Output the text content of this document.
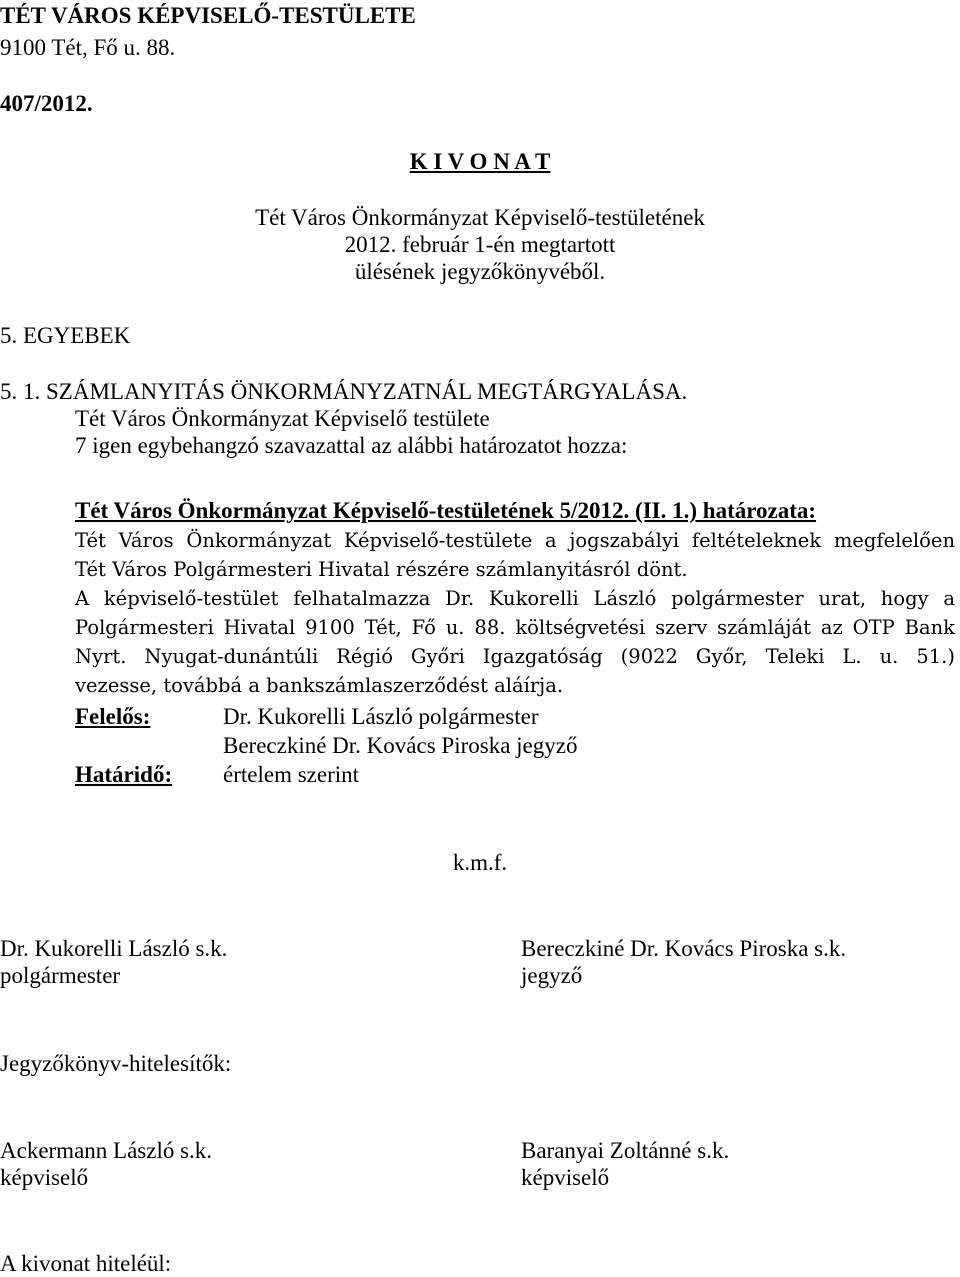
TÉT VÁROS KÉPVISELŐ-TESTÜLETE
9100 Tét, Fő u. 88.
407/2012.
K I V O N A T
Tét Város Önkormányzat Képviselő-testületének
2012. február 1-én megtartott
ülésének jegyzőkönyvéből.
5. EGYEBEK
5. 1. SZÁMLANYITÁS ÖNKORMÁNYZATNÁL MEGTÁRGYALÁSA.
Tét Város Önkormányzat Képviselő testülete
7 igen egybehangzó szavazattal az alábbi határozatot hozza:
Tét Város Önkormányzat Képviselő-testületének 5/2012. (II. 1.) határozata:
Tét Város Önkormányzat Képviselő-testülete a jogszabályi feltételeknek megfelelően
Tét Város Polgármesteri Hivatal részére számlanyitásról dönt.
A képviselő-testület felhatalmazza Dr. Kukorelli László polgármester urat, hogy a
Polgármesteri Hivatal 9100 Tét, Fő u. 88. költségvetési szerv számláját az OTP Bank
Nyrt. Nyugat-dunántúli Régió Győri Igazgatóság (9022 Győr, Teleki L. u. 51.)
vezesse, továbbá a bankszámlaszerződést aláírja.
Felelős:	Dr. Kukorelli László polgármester
Bereczkiné Dr. Kovács Piroska jegyző
Határidő: értelem szerint
k.m.f.
Dr. Kukorelli László s.k.
polgármester
Bereczkiné Dr. Kovács Piroska s.k.
jegyző
Jegyzőkönyv-hitelesítők:
Ackermann László s.k.
képviselő
Baranyai Zoltánné s.k.
képviselő
A kivonat hiteléül:
